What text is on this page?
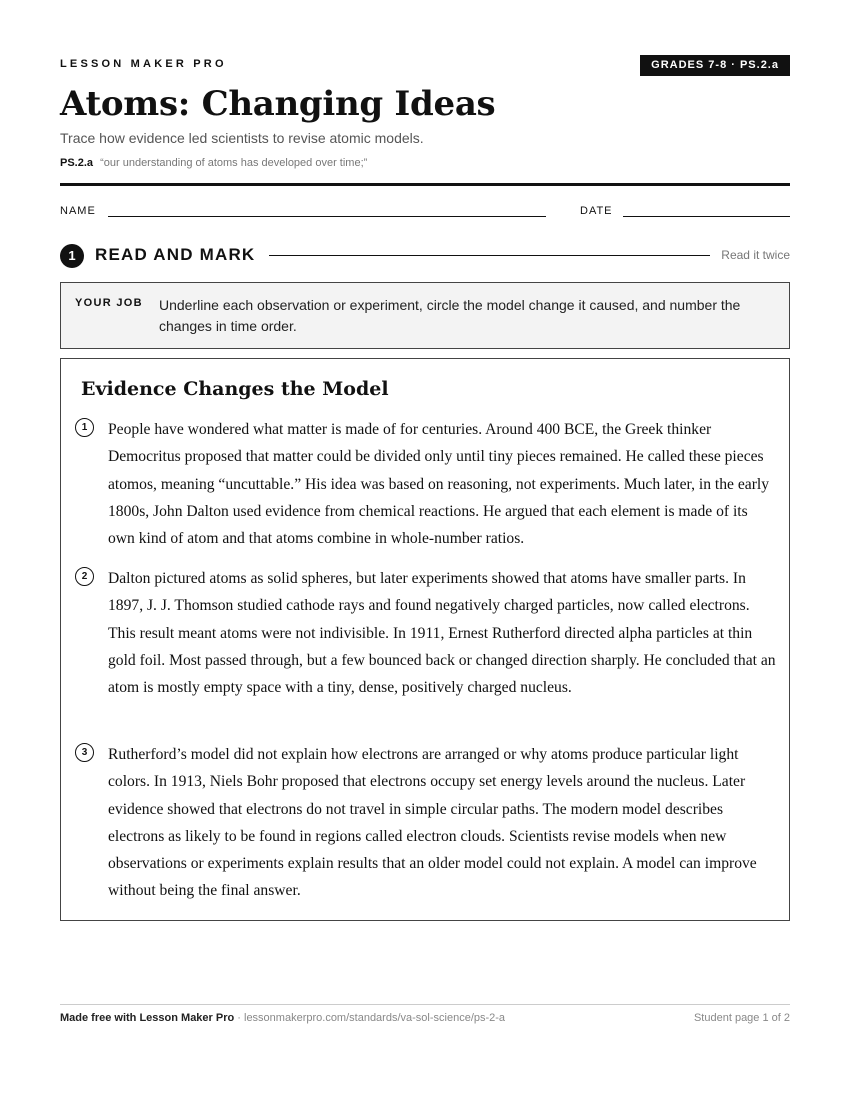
LESSON MAKER PRO	GRADES 7-8 · PS.2.a
Atoms: Changing Ideas
Trace how evidence led scientists to revise atomic models.
PS.2.a “our understanding of atoms has developed over time;”
NAME	DATE
1	READ AND MARK	Read it twice
YOUR JOB Underline each observation or experiment, circle the model change it caused, and number the changes in time order.
Evidence Changes the Model
1	People have wondered what matter is made of for centuries. Around 400 BCE, the Greek thinker Democritus proposed that matter could be divided only until tiny pieces remained. He called these pieces atomos, meaning “uncuttable.” His idea was based on reasoning, not experiments. Much later, in the early 1800s, John Dalton used evidence from chemical reactions. He argued that each element is made of its own kind of atom and that atoms combine in whole-number ratios.
2	Dalton pictured atoms as solid spheres, but later experiments showed that atoms have smaller parts. In 1897, J. J. Thomson studied cathode rays and found negatively charged particles, now called electrons. This result meant atoms were not indivisible. In 1911, Ernest Rutherford directed alpha particles at thin gold foil. Most passed through, but a few bounced back or changed direction sharply. He concluded that an atom is mostly empty space with a tiny, dense, positively charged nucleus.
3	Rutherford’s model did not explain how electrons are arranged or why atoms produce particular light colors. In 1913, Niels Bohr proposed that electrons occupy set energy levels around the nucleus. Later evidence showed that electrons do not travel in simple circular paths. The modern model describes electrons as likely to be found in regions called electron clouds. Scientists revise models when new observations or experiments explain results that an older model could not explain. A model can improve without being the final answer.
Made free with Lesson Maker Pro · lessonmakerpro.com/standards/va-sol-science/ps-2-a	Student page 1 of 2
